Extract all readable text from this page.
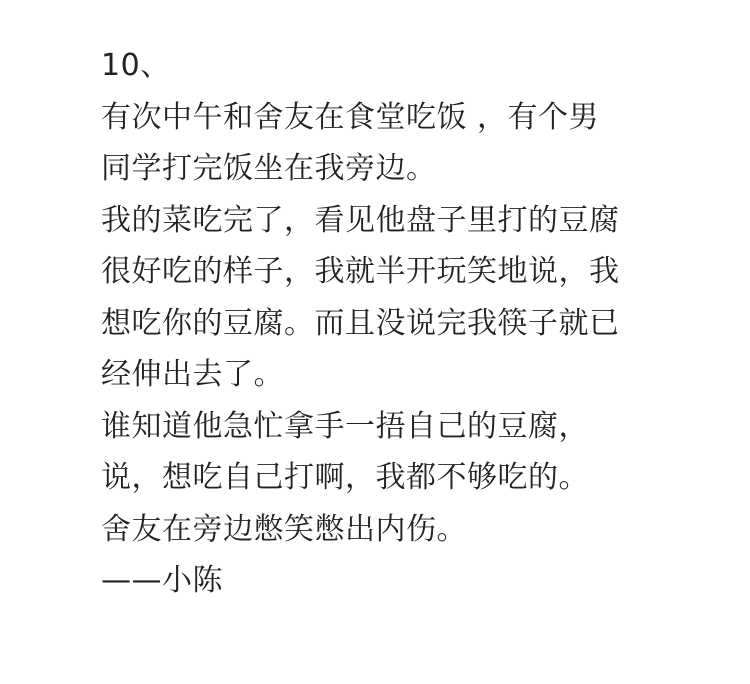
10、
有次中午和舍友在食堂吃饭 ，有个男
同学打完饭坐在我旁边。
我的菜吃完了，看见他盘子里打的豆腐
很好吃的样子，我就半开玩笑地说，我
想吃你的豆腐。而且没说完我筷子就已
经伸出去了。
谁知道他急忙拿手一捂自己的豆腐，
说，想吃自己打啊，我都不够吃的。
舍友在旁边憋笑憋出内伤。
——小陈
